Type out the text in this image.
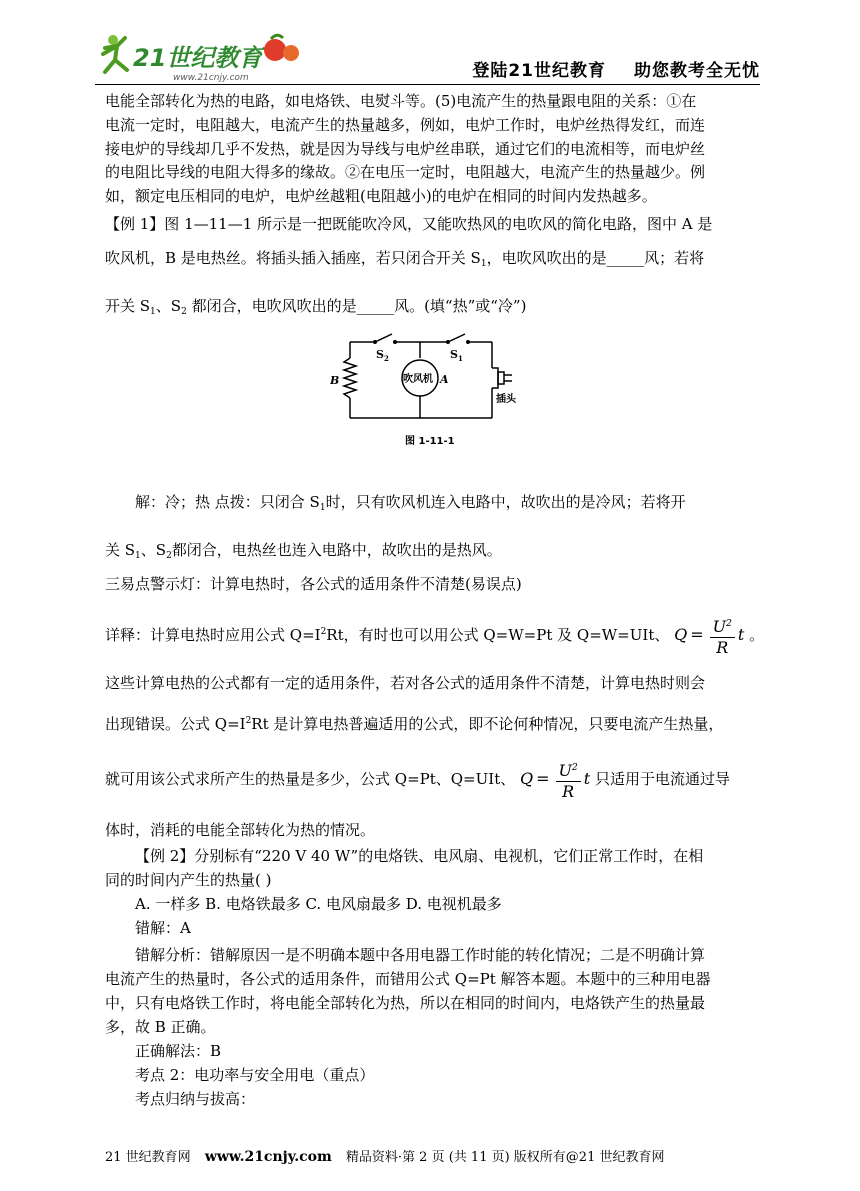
21世纪教育
www.21cnjy.com	登陆21世纪教育 助您教考全无忧
电能全部转化为热的电路，如电烙铁、电熨斗等。(5)电流产生的热量跟电阻的关系：①在
电流一定时，电阻越大，电流产生的热量越多，例如，电炉工作时，电炉丝热得发红，而连
接电炉的导线却几乎不发热，就是因为导线与电炉丝串联，通过它们的电流相等，而电炉丝
的电阻比导线的电阻大得多的缘故。②在电压一定时，电阻越大，电流产生的热量越少。例
如，额定电压相同的电炉，电炉丝越粗(电阻越小)的电炉在相同的时间内发热越多。
【例 1】图 1—11—1 所示是一把既能吹冷风，又能吹热风的电吹风的简化电路，图中 A 是
吹风机，B 是电热丝。将插头插入插座，若只闭合开关 $S_1$，电吹风吹出的是_____风；若将
开关 $S_1$、$S_2$ 都闭合，电吹风吹出的是_____风。(填“热”或“冷”)
$S_2$	$S_1$
B	A
吹风机
插头
图 1-11-1
解：冷；热 点拨：只闭合 $S_1$时，只有吹风机连入电路中，故吹出的是冷风；若将开
关 $S_1$、$S_2$都闭合，电热丝也连入电路中，故吹出的是热风。
三易点警示灯：计算电热时，各公式的适用条件不清楚(易误点)
详释：计算电热时应用公式 $Q=I^2Rt$，有时也可以用公式 Q=W=Pt 及 Q=W=UIt、 $Q = \frac{U^2}{R}$ t 。
这些计算电热的公式都有一定的适用条件，若对各公式的适用条件不清楚，计算电热时则会
出现错误。公式 $Q=I^2Rt$ 是计算电热普遍适用的公式，即不论何种情况，只要电流产生热量，
就可用该公式求所产生的热量是多少，公式 Q=Pt、Q=UIt、 $Q = \frac{U^2}{R}$ t 只适用于电流通过导
体时，消耗的电能全部转化为热的情况。
【例 2】分别标有“220 V 40 W”的电烙铁、电风扇、电视机，它们正常工作时，在相
同的时间内产生的热量( )
A. 一样多 B. 电烙铁最多 C. 电风扇最多 D. 电视机最多
错解：A
错解分析：错解原因一是不明确本题中各用电器工作时能的转化情况；二是不明确计算
电流产生的热量时，各公式的适用条件，而错用公式 Q=Pt 解答本题。本题中的三种用电器
中，只有电烙铁工作时，将电能全部转化为热，所以在相同的时间内，电烙铁产生的热量最
多，故 B 正确。
正确解法：B
考点 2：电功率与安全用电（重点）
考点归纳与拔高：
21 世纪教育网 www.21cnjy.com 精品资料·第 2 页 (共 11 页) 版权所有@21 世纪教育网
